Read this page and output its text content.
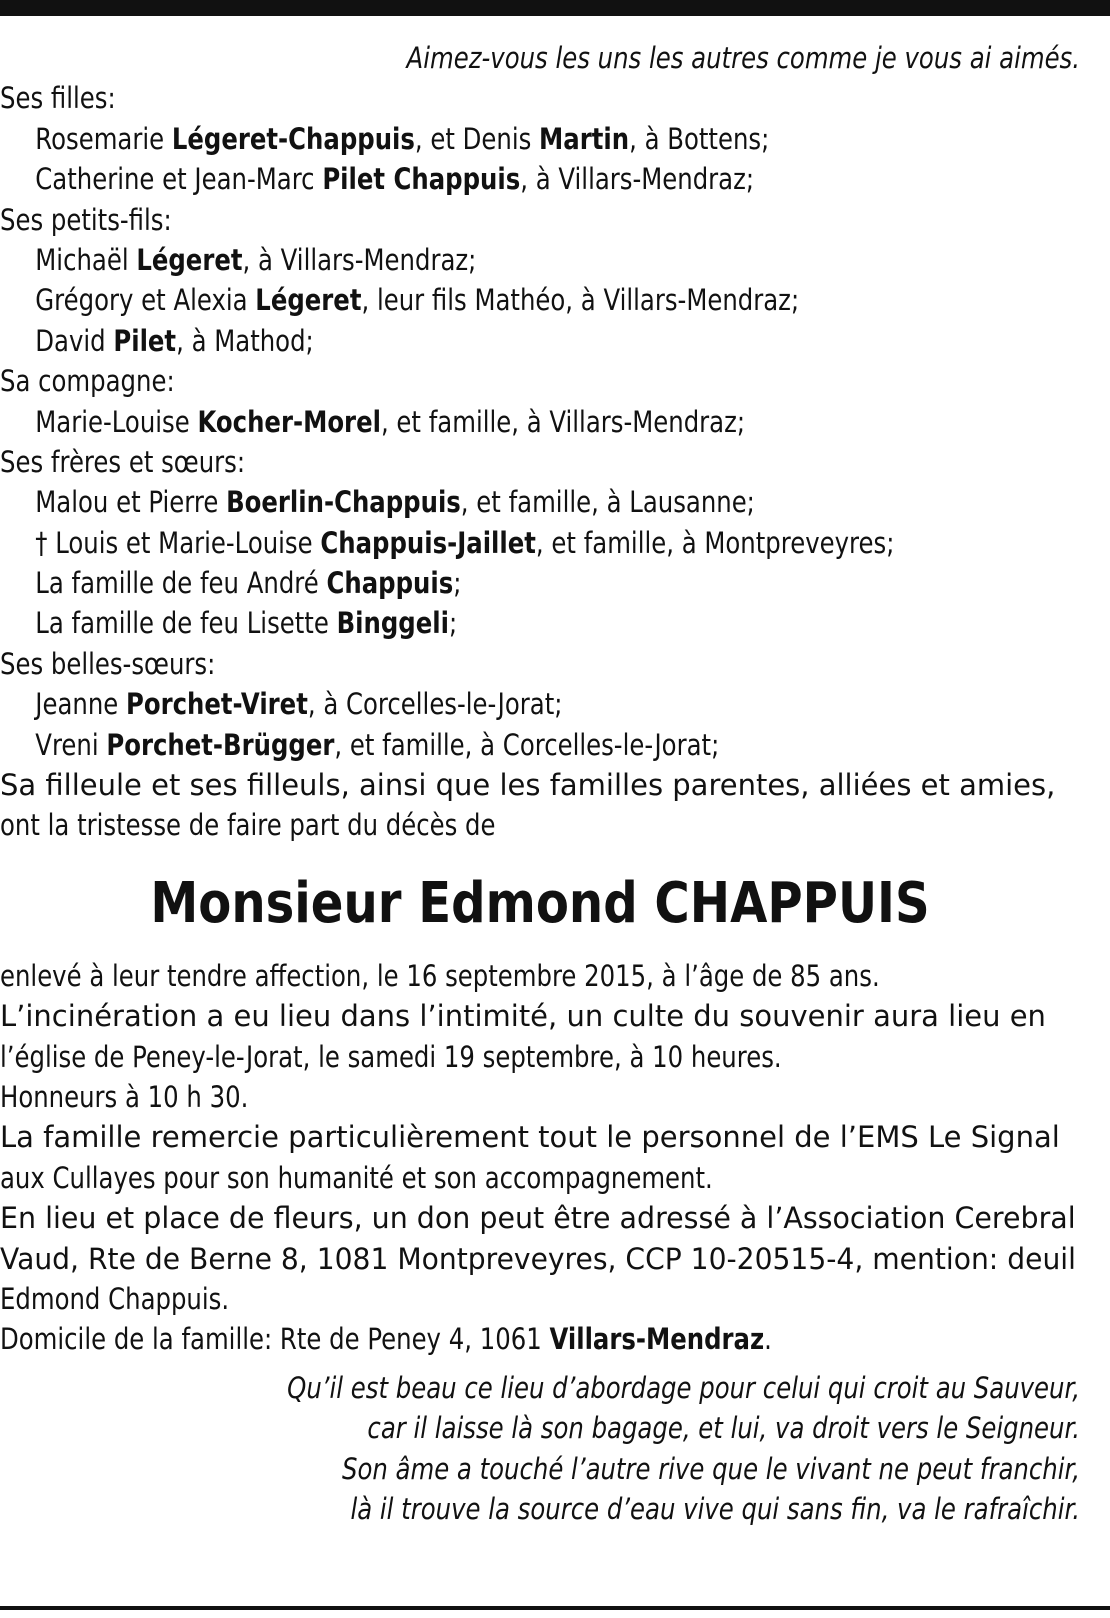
Aimez-vous les uns les autres comme je vous ai aimés.
Ses filles:
Rosemarie Légeret-Chappuis, et Denis Martin, à Bottens;
Catherine et Jean-Marc Pilet Chappuis, à Villars-Mendraz;
Ses petits-fils:
Michaël Légeret, à Villars-Mendraz;
Grégory et Alexia Légeret, leur fils Mathéo, à Villars-Mendraz;
David Pilet, à Mathod;
Sa compagne:
Marie-Louise Kocher-Morel, et famille, à Villars-Mendraz;
Ses frères et sœurs:
Malou et Pierre Boerlin-Chappuis, et famille, à Lausanne;
† Louis et Marie-Louise Chappuis-Jaillet, et famille, à Montpreveyres;
La famille de feu André Chappuis;
La famille de feu Lisette Binggeli;
Ses belles-sœurs:
Jeanne Porchet-Viret, à Corcelles-le-Jorat;
Vreni Porchet-Brügger, et famille, à Corcelles-le-Jorat;
Sa filleule et ses filleuls, ainsi que les familles parentes, alliées et amies,
ont la tristesse de faire part du décès de
Monsieur Edmond CHAPPUIS
enlevé à leur tendre affection, le 16 septembre 2015, à l’âge de 85 ans.
L’incinération a eu lieu dans l’intimité, un culte du souvenir aura lieu en
l’église de Peney-le-Jorat, le samedi 19 septembre, à 10 heures.
Honneurs à 10 h 30.
La famille remercie particulièrement tout le personnel de l’EMS Le Signal
aux Cullayes pour son humanité et son accompagnement.
En lieu et place de fleurs, un don peut être adressé à l’Association Cerebral
Vaud, Rte de Berne 8, 1081 Montpreveyres, CCP 10-20515-4, mention: deuil
Edmond Chappuis.
Domicile de la famille: Rte de Peney 4, 1061 Villars-Mendraz.
Qu’il est beau ce lieu d’abordage pour celui qui croit au Sauveur,
car il laisse là son bagage, et lui, va droit vers le Seigneur.
Son âme a touché l’autre rive que le vivant ne peut franchir,
là il trouve la source d’eau vive qui sans fin, va le rafraîchir.
